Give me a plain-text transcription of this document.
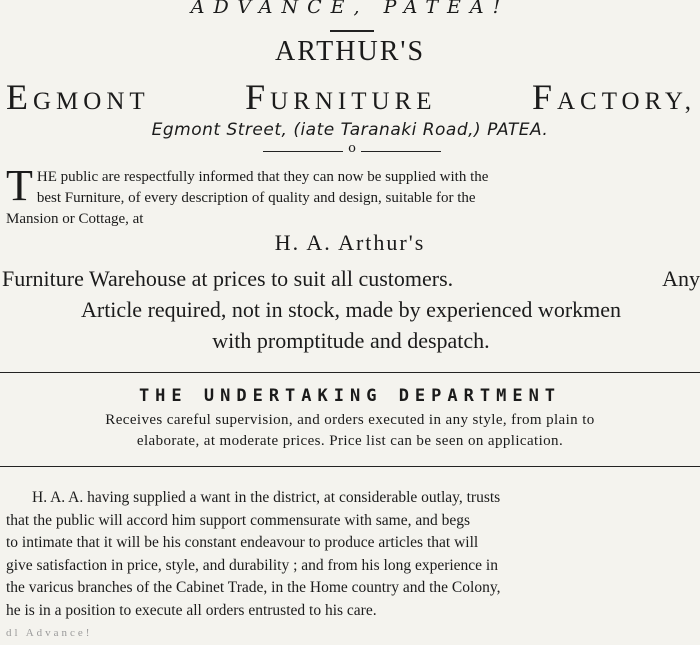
ADVANCE, PATEA!
ARTHUR'S
EGMONT	FURNITURE	FACTORY,
Egmont Street, (iate Taranaki Road,) PATEA.
o
T HE public are respectfully informed that they can now be supplied with the
best Furniture, of every description of quality and design, suitable for the
Mansion or Cottage, at
H. A. Arthur's
Furniture Warehouse at prices to suit all customers.	Any
Article required, not in stock, made by experienced workmen
with promptitude and despatch.
THE UNDERTAKING DEPARTMENT
Receives careful supervision, and orders executed in any style, from plain to
elaborate, at moderate prices. Price list can be seen on application.
H. A. A. having supplied a want in the district, at considerable outlay, trusts
that the public will accord him support commensurate with same, and begs
to intimate that it will be his constant endeavour to produce articles that will
give satisfaction in price, style, and durability ; and from his long experience in
the varicus branches of the Cabinet Trade, in the Home country and the Colony,
he is in a position to execute all orders entrusted to his care.
dl Advance!
